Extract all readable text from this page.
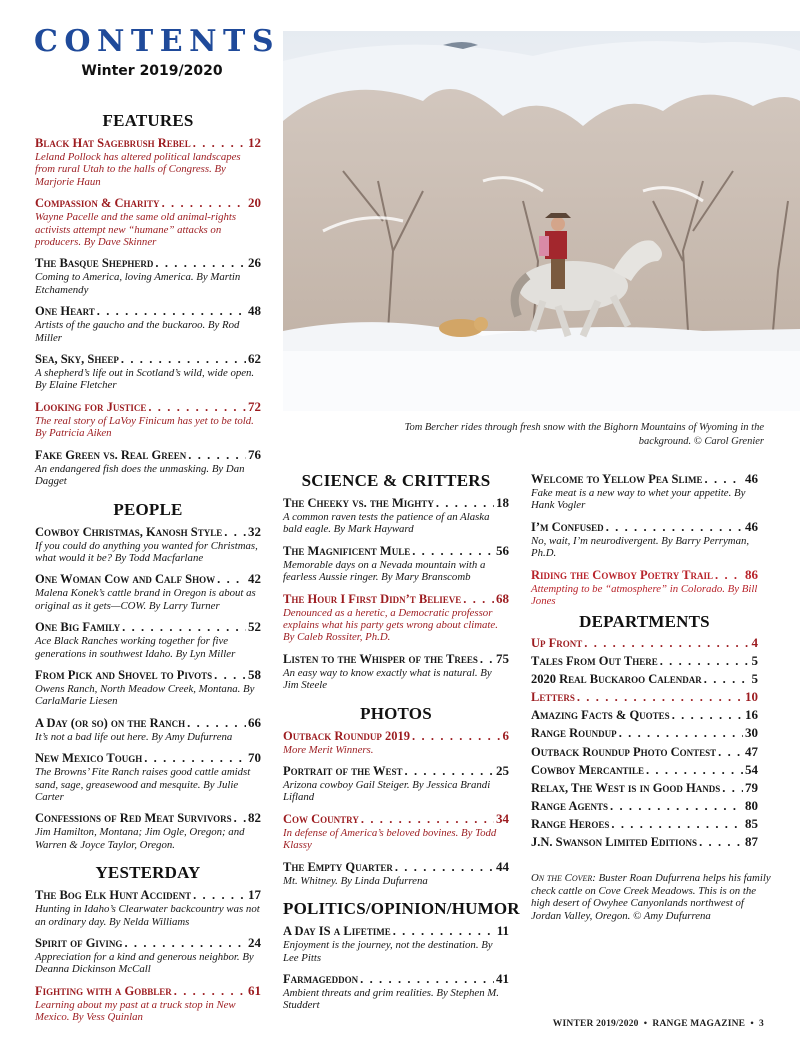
CONTENTS
Winter 2019/2020
Tom Bercher rides through fresh snow with the Bighorn Mountains of Wyoming in the background. © Carol Grenier
FEATURES
Black Hat Sagebrush Rebel . . .	12
Leland Pollock has altered political landscapes from rural Utah to the halls of Congress. By Marjorie Haun
Compassion & Charity . . .	20
Wayne Pacelle and the same old animal-rights activists attempt new “humane” attacks on producers. By Dave Skinner
The Basque Shepherd . . .	26
Coming to America, loving America. By Martin Etchamendy
One Heart . . .	48
Artists of the gaucho and the buckaroo. By Rod Miller
Sea, Sky, Sheep . . .	62
A shepherd’s life out in Scotland’s wild, wide open. By Elaine Fletcher
Looking for Justice . . .	72
The real story of LaVoy Finicum has yet to be told. By Patricia Aiken
Fake Green vs. Real Green . . .	76
An endangered fish does the unmasking. By Dan Dagget
PEOPLE
Cowboy Christmas, Kanosh Style . . . 32
If you could do anything you wanted for Christmas, what would it be? By Todd Macfarlane
One Woman Cow and Calf Show . . .	42
Malena Konek’s cattle brand in Oregon is about as original as it gets—COW. By Larry Turner
One Big Family . . .	52
Ace Black Ranches working together for five generations in southwest Idaho. By Lyn Miller
From Pick and Shovel to Pivots . . .	58
Owens Ranch, North Meadow Creek, Montana. By CarlaMarie Liesen
A Day (or so) on the Ranch . . .	66
It’s not a bad life out here. By Amy Dufurrena
New Mexico Tough . . .	70
The Browns’ Fite Ranch raises good cattle amidst sand, sage, greasewood and mesquite. By Julie Carter
Confessions of Red Meat Survivors . . . 82
Jim Hamilton, Montana; Jim Ogle, Oregon; and Warren & Joyce Taylor, Oregon.
YESTERDAY
The Bog Elk Hunt Accident . . .	17
Hunting in Idaho’s Clearwater backcountry was not an ordinary day. By Nelda Williams
Spirit of Giving . . .	24
Appreciation for a kind and generous neighbor. By Deanna Dickinson McCall
Fighting with a Gobbler . . .	61
Learning about my past at a truck stop in New Mexico. By Vess Quinlan
SCIENCE & CRITTERS
The Cheeky vs. the Mighty . . .	18
A common raven tests the patience of an Alaska bald eagle. By Mark Hayward
The Magnificent Mule . . .	56
Memorable days on a Nevada mountain with a fearless Aussie ringer. By Mary Branscomb
The Hour I First Didn’t Believe . . .	68
Denounced as a heretic, a Democratic professor explains what his party gets wrong about climate. By Caleb Rossiter, Ph.D.
Listen to the Whisper of the Trees . . . 75
An easy way to know exactly what is natural. By Jim Steele
PHOTOS
Outback Roundup 2019 . . .	6
More Merit Winners.
Portrait of the West . . .	25
Arizona cowboy Gail Steiger. By Jessica Brandi Lifland
Cow Country . . .	34
In defense of America’s beloved bovines. By Todd Klassy
The Empty Quarter . . .	44
Mt. Whitney. By Linda Dufurrena
POLITICS/OPINION/HUMOR
A Day IS a Lifetime . . .	11
Enjoyment is the journey, not the destination. By Lee Pitts
Farmageddon . . .	41
Ambient threats and grim realities. By Stephen M. Studdert
Welcome to Yellow Pea Slime . . .	46
Fake meat is a new way to whet your appetite. By Hank Vogler
I’m Confused . . .	46
No, wait, I’m neurodivergent. By Barry Perryman, Ph.D.
Riding the Cowboy Poetry Trail . . . 86
Attempting to be “atmosphere” in Colorado. By Bill Jones
DEPARTMENTS
Up Front . . .	4
Tales From Out There . . .	5
2020 Real Buckaroo Calendar . . .	5
Letters . . .	10
Amazing Facts & Quotes . . .	16
Range Roundup . . .	30
Outback Roundup Photo Contest . . . 47
Cowboy Mercantile . . .	54
Relax, The West is in Good Hands . . . 79
Range Agents . . .	80
Range Heroes . . .	85
J.N. Swanson Limited Editions . . .	87
On the Cover: Buster Roan Dufurrena helps his family check cattle on Cove Creek Meadows. This is on the high desert of Owyhee Canyonlands northwest of Jordan Valley, Oregon. © Amy Dufurrena
WINTER 2019/2020  •  RANGE MAGAZINE  •  3
